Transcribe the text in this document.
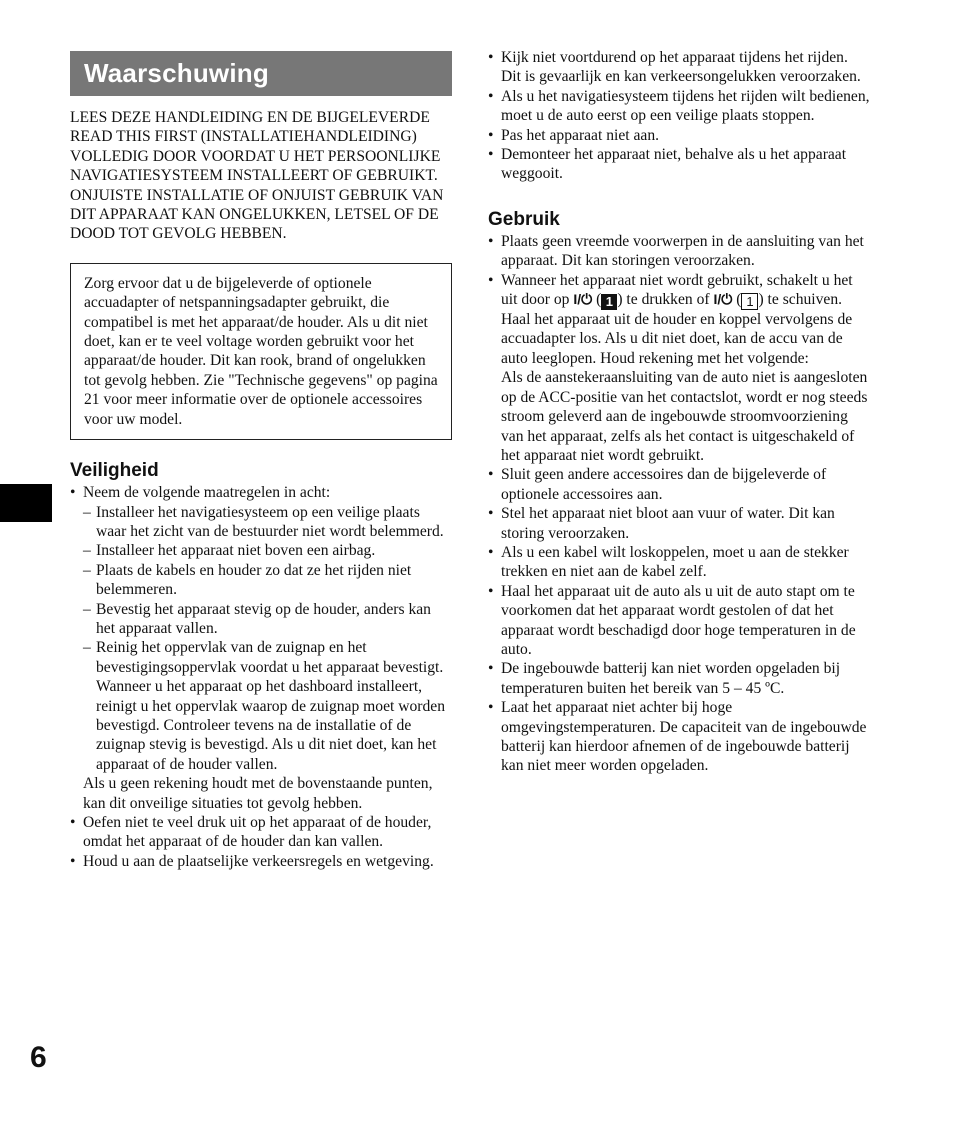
6
Waarschuwing
LEES DEZE HANDLEIDING EN DE BIJGELEVERDE READ THIS FIRST (INSTALLATIEHANDLEIDING) VOLLEDIG DOOR VOORDAT U HET PERSOONLIJKE NAVIGATIESYSTEEM INSTALLEERT OF GEBRUIKT. ONJUISTE INSTALLATIE OF ONJUIST GEBRUIK VAN DIT APPARAAT KAN ONGELUKKEN, LETSEL OF DE DOOD TOT GEVOLG HEBBEN.
Zorg ervoor dat u de bijgeleverde of optionele accuadapter of netspanningsadapter gebruikt, die compatibel is met het apparaat/de houder. Als u dit niet doet, kan er te veel voltage worden gebruikt voor het apparaat/de houder. Dit kan rook, brand of ongelukken tot gevolg hebben. Zie "Technische gegevens" op pagina 21 voor meer informatie over de optionele accessoires voor uw model.
Veiligheid
• Neem de volgende maatregelen in acht:
– Installeer het navigatiesysteem op een veilige plaats waar het zicht van de bestuurder niet wordt belemmerd.
– Installeer het apparaat niet boven een airbag.
– Plaats de kabels en houder zo dat ze het rijden niet belemmeren.
– Bevestig het apparaat stevig op de houder, anders kan het apparaat vallen.
– Reinig het oppervlak van de zuignap en het bevestigingsoppervlak voordat u het apparaat bevestigt. Wanneer u het apparaat op het dashboard installeert, reinigt u het oppervlak waarop de zuignap moet worden bevestigd. Controleer tevens na de installatie of de zuignap stevig is bevestigd. Als u dit niet doet, kan het apparaat of de houder vallen.
Als u geen rekening houdt met de bovenstaande punten, kan dit onveilige situaties tot gevolg hebben.
• Oefen niet te veel druk uit op het apparaat of de houder, omdat het apparaat of de houder dan kan vallen.
• Houd u aan de plaatselijke verkeersregels en wetgeving.
• Kijk niet voortdurend op het apparaat tijdens het rijden. Dit is gevaarlijk en kan verkeersongelukken veroorzaken.
• Als u het navigatiesysteem tijdens het rijden wilt bedienen, moet u de auto eerst op een veilige plaats stoppen.
• Pas het apparaat niet aan.
• Demonteer het apparaat niet, behalve als u het apparaat weggooit.
Gebruik
• Plaats geen vreemde voorwerpen in de aansluiting van het apparaat. Dit kan storingen veroorzaken.
• Wanneer het apparaat niet wordt gebruikt, schakelt u het uit door op I/⏻ ( 1 ) te drukken of I/⏻ ( 1 ) te schuiven. Haal het apparaat uit de houder en koppel vervolgens de accuadapter los. Als u dit niet doet, kan de accu van de auto leeglopen. Houd rekening met het volgende:
Als de aanstekeraansluiting van de auto niet is aangesloten op de ACC-positie van het contactslot, wordt er nog steeds stroom geleverd aan de ingebouwde stroomvoorziening van het apparaat, zelfs als het contact is uitgeschakeld of het apparaat niet wordt gebruikt.
• Sluit geen andere accessoires dan de bijgeleverde of optionele accessoires aan.
• Stel het apparaat niet bloot aan vuur of water. Dit kan storing veroorzaken.
• Als u een kabel wilt loskoppelen, moet u aan de stekker trekken en niet aan de kabel zelf.
• Haal het apparaat uit de auto als u uit de auto stapt om te voorkomen dat het apparaat wordt gestolen of dat het apparaat wordt beschadigd door hoge temperaturen in de auto.
• De ingebouwde batterij kan niet worden opgeladen bij temperaturen buiten het bereik van 5 – 45 ºC.
• Laat het apparaat niet achter bij hoge omgevingstemperaturen. De capaciteit van de ingebouwde batterij kan hierdoor afnemen of de ingebouwde batterij kan niet meer worden opgeladen.
